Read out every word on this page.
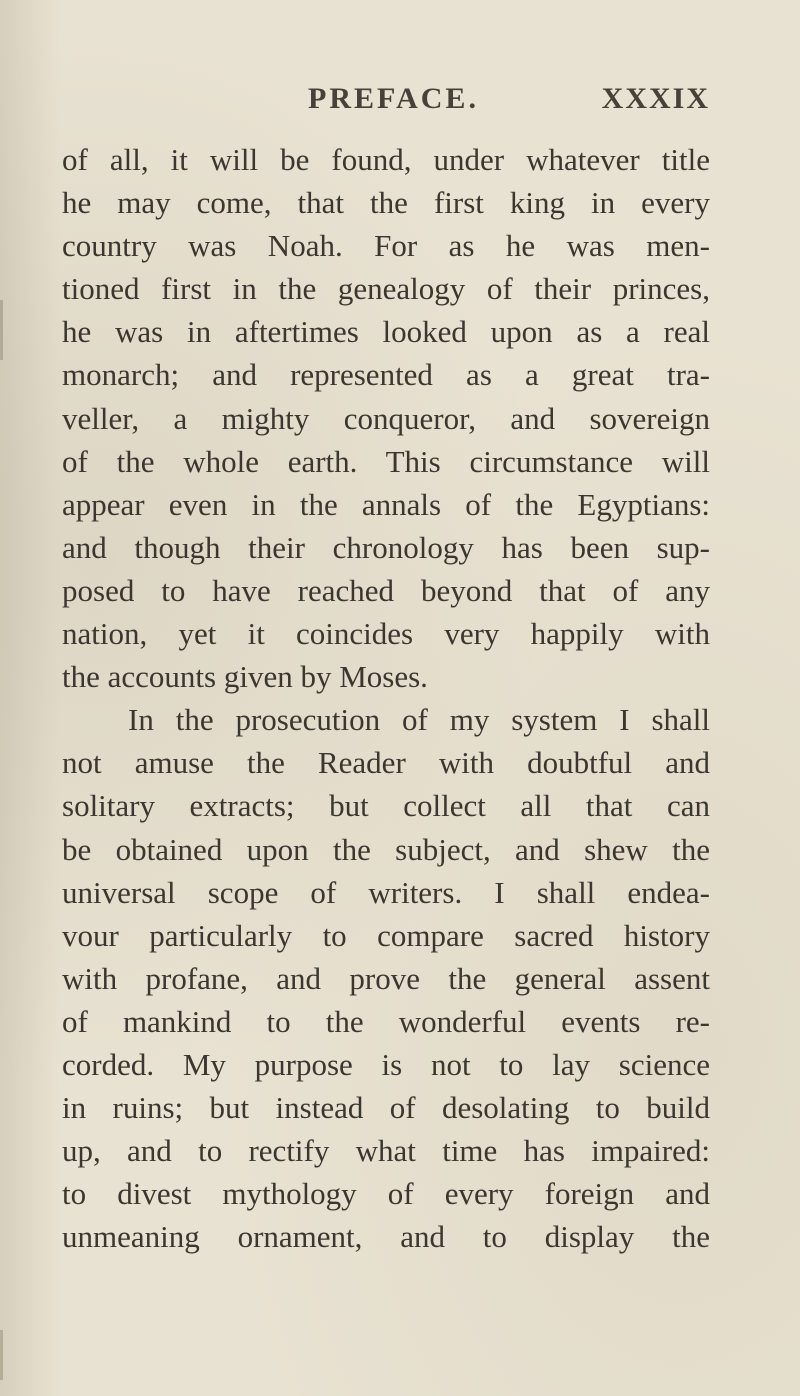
PREFACE.	XXXIX
of all, it will be found, under whatever title
he may come, that the first king in every
country was Noah. For as he was men-
tioned first in the genealogy of their princes,
he was in aftertimes looked upon as a real
monarch; and represented as a great tra-
veller, a mighty conqueror, and sovereign
of the whole earth. This circumstance will
appear even in the annals of the Egyptians:
and though their chronology has been sup-
posed to have reached beyond that of any
nation, yet it coincides very happily with
the accounts given by Moses.
In the prosecution of my system I shall
not amuse the Reader with doubtful and
solitary extracts; but collect all that can
be obtained upon the subject, and shew the
universal scope of writers. I shall endea-
vour particularly to compare sacred history
with profane, and prove the general assent
of mankind to the wonderful events re-
corded. My purpose is not to lay science
in ruins; but instead of desolating to build
up, and to rectify what time has impaired:
to divest mythology of every foreign and
unmeaning ornament, and to display the
